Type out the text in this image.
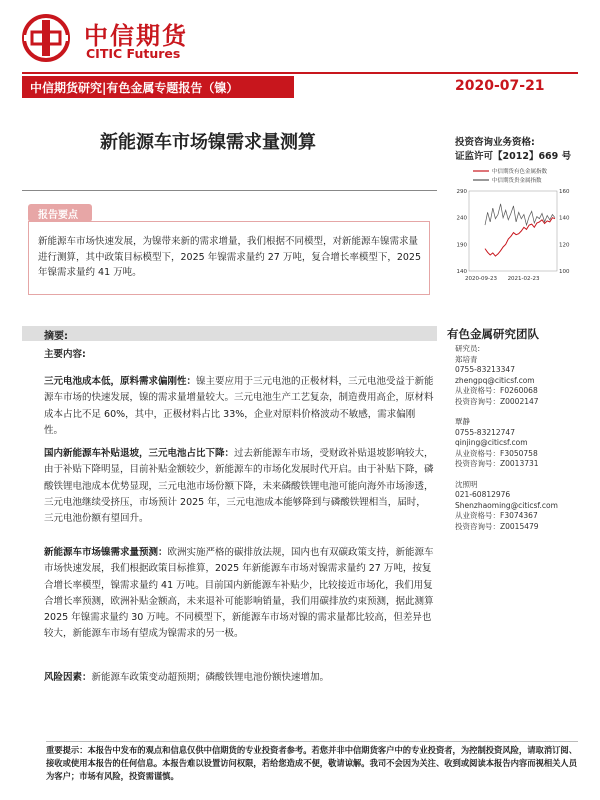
中信期货
CITIC Futures
中信期货研究|有色金属专题报告（镍）	2020-07-21
新能源车市场镍需求量测算	投资咨询业务资格:
证监许可【2012】669 号
报告要点
新能源车市场快速发展，为镍带来新的需求增量，我们根据不同模型，对新能源车镍需求量进行测算，其中政策目标模型下，2025 年镍需求量约 27 万吨，复合增长率模型下，2025 年镍需求量约 41 万吨。
中信期货有色金属指数
中信期货贵金属指数
290
240
190
140
160
140
120
100
2020-09-23 2021-02-23
摘要:
主要内容:
三元电池成本低，原料需求偏刚性：镍主要应用于三元电池的正极材料，三元电池受益于新能源车市场的快速发展，镍的需求量增量较大。三元电池生产工艺复杂，制造费用高企，原材料成本占比不足 60%，其中，正极材料占比 33%，企业对原料价格波动不敏感，需求偏刚性。
国内新能源车补贴退坡，三元电池占比下降：过去新能源车市场，受财政补贴退坡影响较大，由于补贴下降明显，目前补贴金额较少，新能源车的市场化发展时代开启。由于补贴下降，磷酸铁锂电池成本优势显现，三元电池市场份额下降，未来磷酸铁锂电池可能向海外市场渗透，三元电池继续受挤压，市场预计 2025 年，三元电池成本能够降到与磷酸铁锂相当，届时，三元电池份额有望回升。
新能源车市场镍需求量预测：欧洲实施严格的碳排放法规，国内也有双碳政策支持，新能源车市场快速发展，我们根据政策目标推算，2025 年新能源车市场对镍需求量约 27 万吨，按复合增长率模型，镍需求量约 41 万吨。目前国内新能源车补贴少，比较接近市场化，我们用复合增长率预测，欧洲补贴金额高，未来退补可能影响销量，我们用碳排放约束预测，据此测算 2025 年镍需求量约 30 万吨。不同模型下，新能源车市场对镍的需求量都比较高，但差异也较大，新能源车市场有望成为镍需求的另一极。
风险因素：新能源车政策变动超预期；磷酸铁锂电池份额快速增加。
有色金属研究团队
研究员:
郑培青
0755-83213347
zhengpq@citicsf.com
从业资格号：F0260068
投资咨询号：Z0002147
覃静
0755-83212747
qinjing@citicsf.com
从业资格号：F3050758
投资咨询号：Z0013731
沈照明
021-60812976
Shenzhaoming@citicsf.com
从业资格号：F3074367
投资咨询号：Z0015479
重要提示：本报告中发布的观点和信息仅供中信期货的专业投资者参考。若您并非中信期货客户中的专业投资者，为控制投资风险，请取消订阅、接收或使用本报告的任何信息。本报告难以设置访问权限，若给您造成不便，敬请谅解。我司不会因为关注、收到或阅读本报告内容而视相关人员为客户；市场有风险，投资需谨慎。
